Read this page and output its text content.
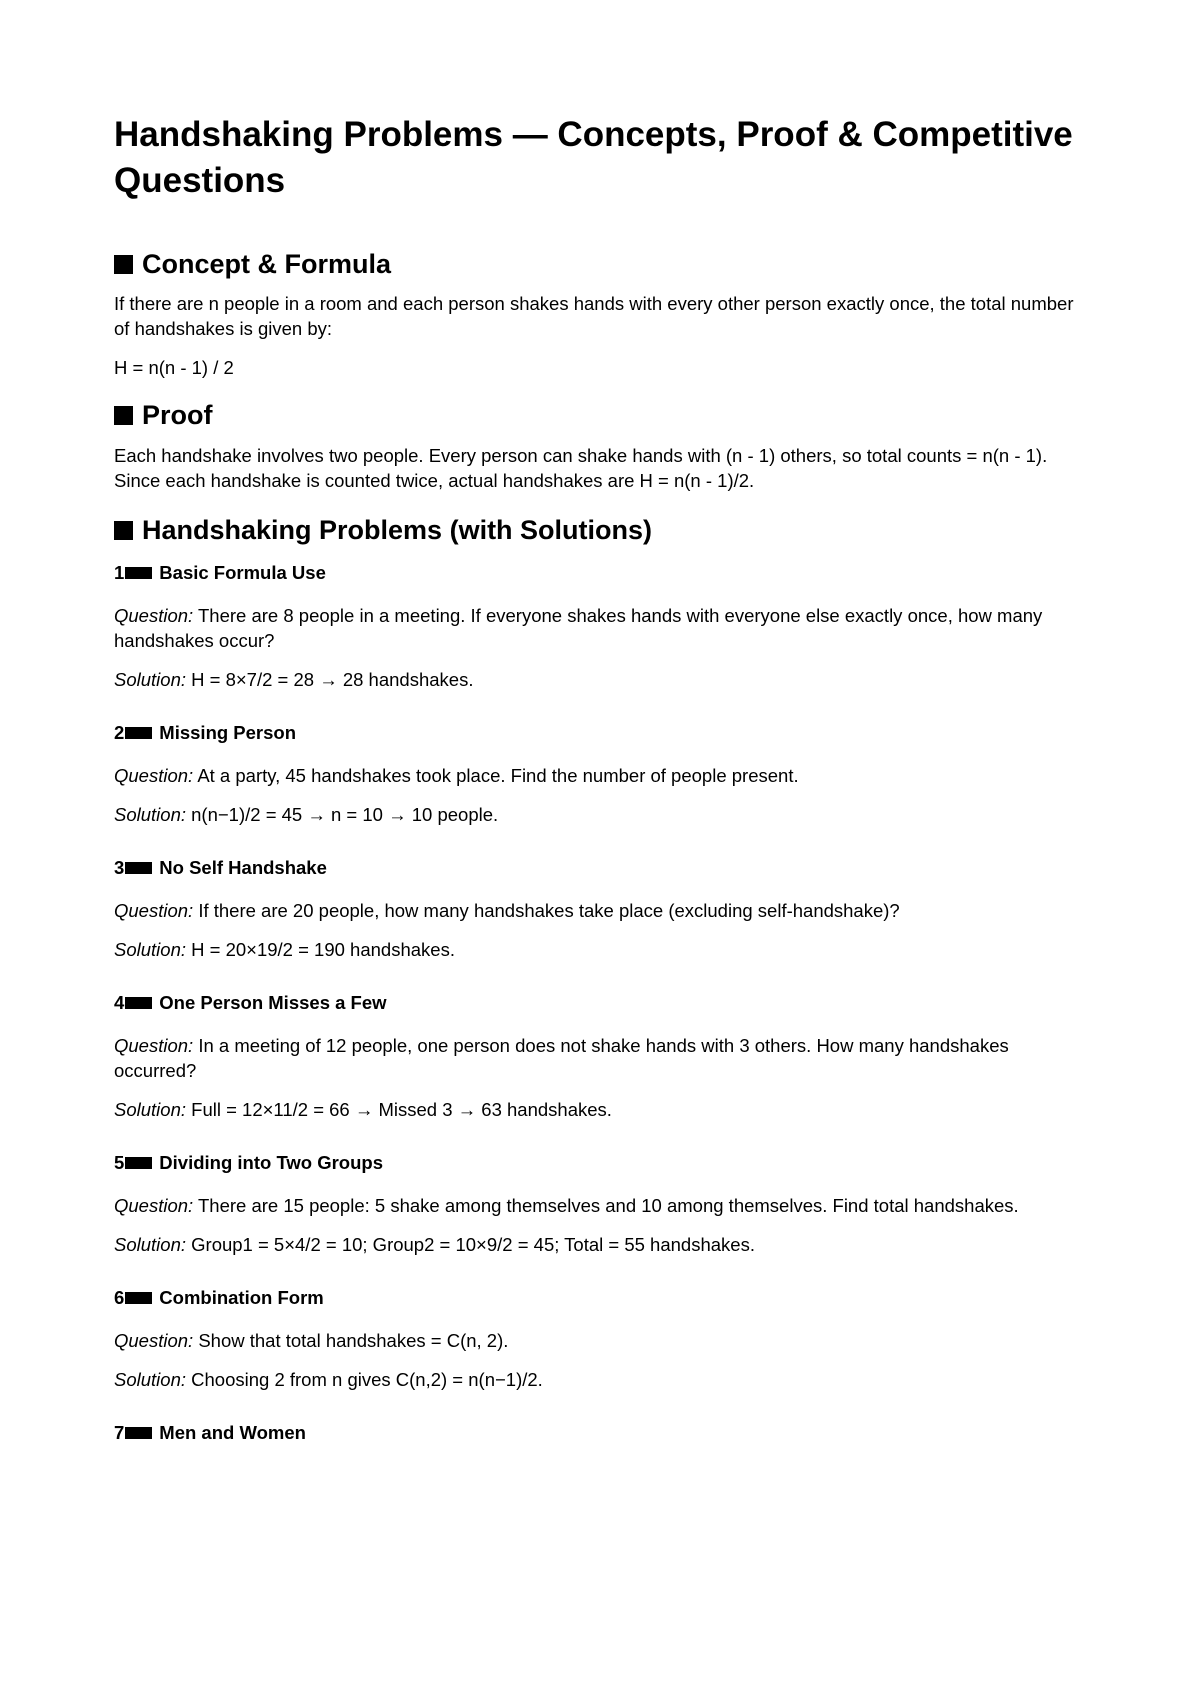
Handshaking Problems — Concepts, Proof & Competitive Questions
Concept & Formula

If there are n people in a room and each person shakes hands with every other person exactly once, the total number of handshakes is given by:

H = n(n - 1) / 2

Proof

Each handshake involves two people. Every person can shake hands with (n - 1) others, so total counts = n(n - 1). Since each handshake is counted twice, actual handshakes are H = n(n - 1)/2.

Handshaking Problems (with Solutions)
1 Basic Formula Use

Question: There are 8 people in a meeting. If everyone shakes hands with everyone else exactly once, how many handshakes occur?

Solution: H = 8×7/2 = 28 → 28 handshakes.

2 Missing Person

Question: At a party, 45 handshakes took place. Find the number of people present.

Solution: n(n−1)/2 = 45 → n = 10 → 10 people.

3 No Self Handshake

Question: If there are 20 people, how many handshakes take place (excluding self-handshake)?

Solution: H = 20×19/2 = 190 handshakes.

4 One Person Misses a Few

Question: In a meeting of 12 people, one person does not shake hands with 3 others. How many handshakes occurred?

Solution: Full = 12×11/2 = 66 → Missed 3 → 63 handshakes.

5 Dividing into Two Groups

Question: There are 15 people: 5 shake among themselves and 10 among themselves. Find total handshakes.

Solution: Group1 = 5×4/2 = 10; Group2 = 10×9/2 = 45; Total = 55 handshakes.

6 Combination Form

Question: Show that total handshakes = C(n, 2).

Solution: Choosing 2 from n gives C(n,2) = n(n−1)/2.

7 Men and Women
